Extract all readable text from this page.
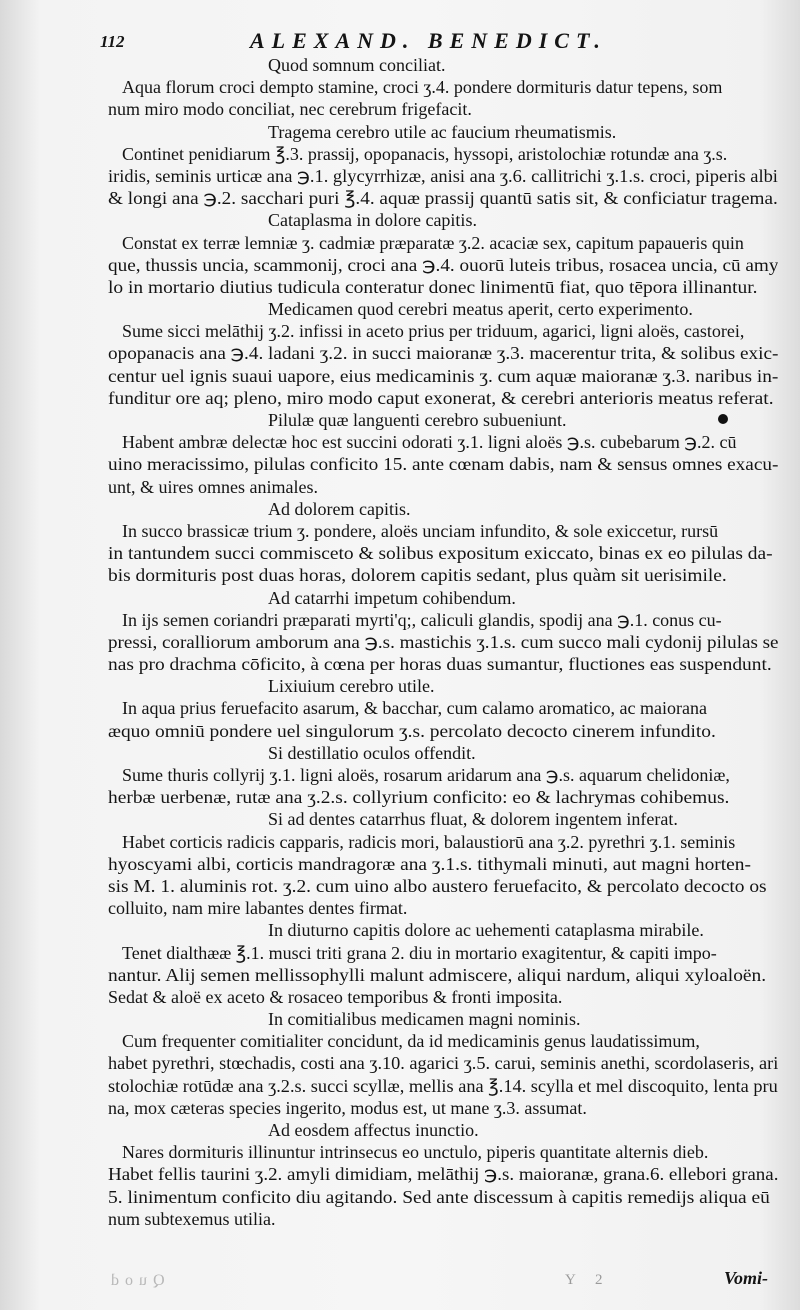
112	ALEXAND. BENEDICT.
Quod somnum conciliat.
Aqua florum croci dempto stamine, croci ʒ.4. pondere dormituris datur tepens, som
num miro modo conciliat, nec cerebrum frigefacit.
Tragema cerebro utile ac faucium rheumatismis.
Continet penidiarum ℥.3. prassij, opopanacis, hyssopi, aristolochiæ rotundæ ana ʒ.s.
iridis, seminis urticæ ana ℈.1. glycyrrhizæ, anisi ana ʒ.6. callitrichi ʒ.1.s. croci, piperis albi
& longi ana ℈.2. sacchari puri ℥.4. aquæ prassij quantū satis sit, & conficiatur tragema.
Cataplasma in dolore capitis.
Constat ex terræ lemniæ ʒ. cadmiæ præparatæ ʒ.2. acaciæ sex, capitum papaueris quin
que, thussis uncia, scammonij, croci ana ℈.4. ouorū luteis tribus, rosacea uncia, cū amy
lo in mortario diutius tudicula conteratur donec linimentū fiat, quo tēpora illinantur.
Medicamen quod cerebri meatus aperit, certo experimento.
Sume sicci melāthij ʒ.2. infissi in aceto prius per triduum, agarici, ligni aloës, castorei,
opopanacis ana ℈.4. ladani ʒ.2. in succi maioranæ ʒ.3. macerentur trita, & solibus exic-
centur uel ignis suaui uapore, eius medicaminis ʒ. cum aquæ maioranæ ʒ.3. naribus in-
funditur ore aq; pleno, miro modo caput exonerat, & cerebri anterioris meatus referat.
Pilulæ quæ languenti cerebro subueniunt.
Habent ambræ delectæ hoc est succini odorati ʒ.1. ligni aloës ℈.s. cubebarum ℈.2. cū
uino meracissimo, pilulas conficito 15. ante cœnam dabis, nam & sensus omnes exacu-
unt, & uires omnes animales.
Ad dolorem capitis.
In succo brassicæ trium ʒ. pondere, aloës unciam infundito, & sole exiccetur, rursū
in tantundem succi commisceto & solibus expositum exiccato, binas ex eo pilulas da-
bis dormituris post duas horas, dolorem capitis sedant, plus quàm sit uerisimile.
Ad catarrhi impetum cohibendum.
In ijs semen coriandri præparati myrti'q;, caliculi glandis, spodij ana ℈.1. conus cu-
pressi, coralliorum amborum ana ℈.s. mastichis ʒ.1.s. cum succo mali cydonij pilulas se
nas pro drachma cōficito, à cœna per horas duas sumantur, fluctiones eas suspendunt.
Lixiuium cerebro utile.
In aqua prius feruefacito asarum, & bacchar, cum calamo aromatico, ac maiorana
æquo omniū pondere uel singulorum ʒ.s. percolato decocto cinerem infundito.
Si destillatio oculos offendit.
Sume thuris collyrij ʒ.1. ligni aloës, rosarum aridarum ana ℈.s. aquarum chelidoniæ,
herbæ uerbenæ, rutæ ana ʒ.2.s. collyrium conficito: eo & lachrymas cohibemus.
Si ad dentes catarrhus fluat, & dolorem ingentem inferat.
Habet corticis radicis capparis, radicis mori, balaustiorū ana ʒ.2. pyrethri ʒ.1. seminis
hyoscyami albi, corticis mandragoræ ana ʒ.1.s. tithymali minuti, aut magni horten-
sis M. 1. aluminis rot. ʒ.2. cum uino albo austero feruefacito, & percolato decocto os
colluito, nam mire labantes dentes firmat.
In diuturno capitis dolore ac uehementi cataplasma mirabile.
Tenet dialthææ ℥.1. musci triti grana 2. diu in mortario exagitentur, & capiti impo-
nantur. Alij semen mellissophylli malunt admiscere, aliqui nardum, aliqui xyloaloën.
Sedat & aloë ex aceto & rosaceo temporibus & fronti imposita.
In comitialibus medicamen magni nominis.
Cum frequenter comitialiter concidunt, da id medicaminis genus laudatissimum,
habet pyrethri, stœchadis, costi ana ʒ.10. agarici ʒ.5. carui, seminis anethi, scordolaseris, ari
stolochiæ rotūdæ ana ʒ.2.s. succi scyllæ, mellis ana ℥.14. scylla et mel discoquito, lenta pru
na, mox cæteras species ingerito, modus est, ut mane ʒ.3. assumat.
Ad eosdem affectus inunctio.
Nares dormituris illinuntur intrinsecus eo unctulo, piperis quantitate alternis dieb.
Habet fellis taurini ʒ.2. amyli dimidiam, melāthij ℈.s. maioranæ, grana.6. ellebori grana.
5. linimentum conficito diu agitando. Sed ante discessum à capitis remedijs aliqua eū
num subtexemus utilia.
Quod	Y 2	Vomi-
